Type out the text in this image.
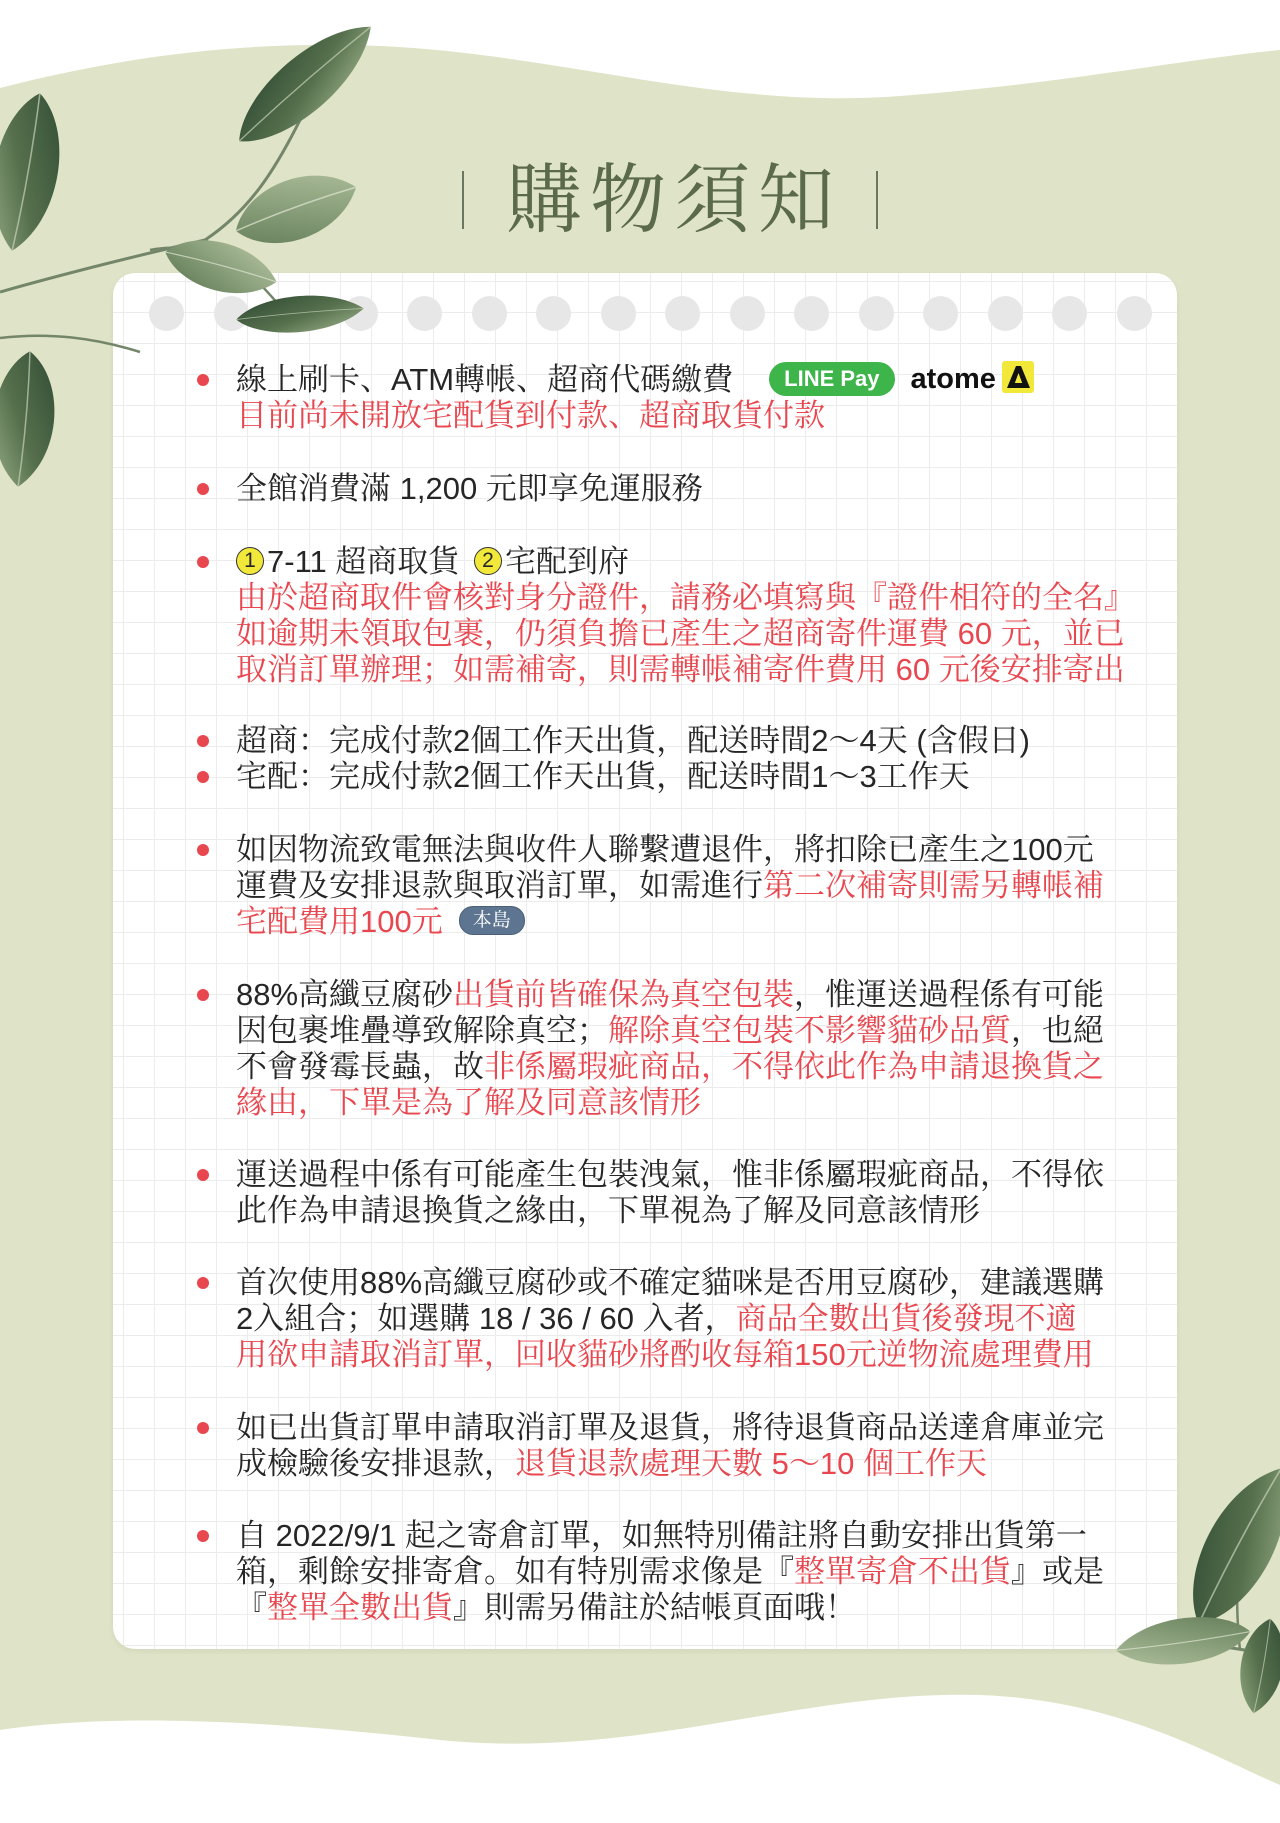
購物須知
線上刷卡、ATM轉帳、超商代碼繳費 LINE Pay atome
目前尚未開放宅配貨到付款、超商取貨付款
全館消費滿 1,200 元即享免運服務
1 7-11 超商取貨 2 宅配到府
由於超商取件會核對身分證件，請務必填寫與『證件相符的全名』
如逾期未領取包裹，仍須負擔已產生之超商寄件運費 60 元，並已
取消訂單辦理；如需補寄，則需轉帳補寄件費用 60 元後安排寄出
超商：完成付款2個工作天出貨，配送時間2～4天 (含假日)
宅配：完成付款2個工作天出貨，配送時間1～3工作天
如因物流致電無法與收件人聯繫遭退件，將扣除已產生之100元
運費及安排退款與取消訂單，如需進行第二次補寄則需另轉帳補
宅配費用100元 本島
88%高纖豆腐砂出貨前皆確保為真空包裝，惟運送過程係有可能
因包裹堆疊導致解除真空；解除真空包裝不影響貓砂品質，也絕
不會發霉長蟲，故非係屬瑕疵商品，不得依此作為申請退換貨之
緣由，下單是為了解及同意該情形
運送過程中係有可能產生包裝洩氣，惟非係屬瑕疵商品，不得依
此作為申請退換貨之緣由，下單視為了解及同意該情形
首次使用88%高纖豆腐砂或不確定貓咪是否用豆腐砂，建議選購
2入組合；如選購 18 / 36 / 60 入者，商品全數出貨後發現不適
用欲申請取消訂單，回收貓砂將酌收每箱150元逆物流處理費用
如已出貨訂單申請取消訂單及退貨，將待退貨商品送達倉庫並完
成檢驗後安排退款，退貨退款處理天數 5～10 個工作天
自 2022/9/1 起之寄倉訂單，如無特別備註將自動安排出貨第一
箱，剩餘安排寄倉。如有特別需求像是『整單寄倉不出貨』或是
『整單全數出貨』則需另備註於結帳頁面哦！
